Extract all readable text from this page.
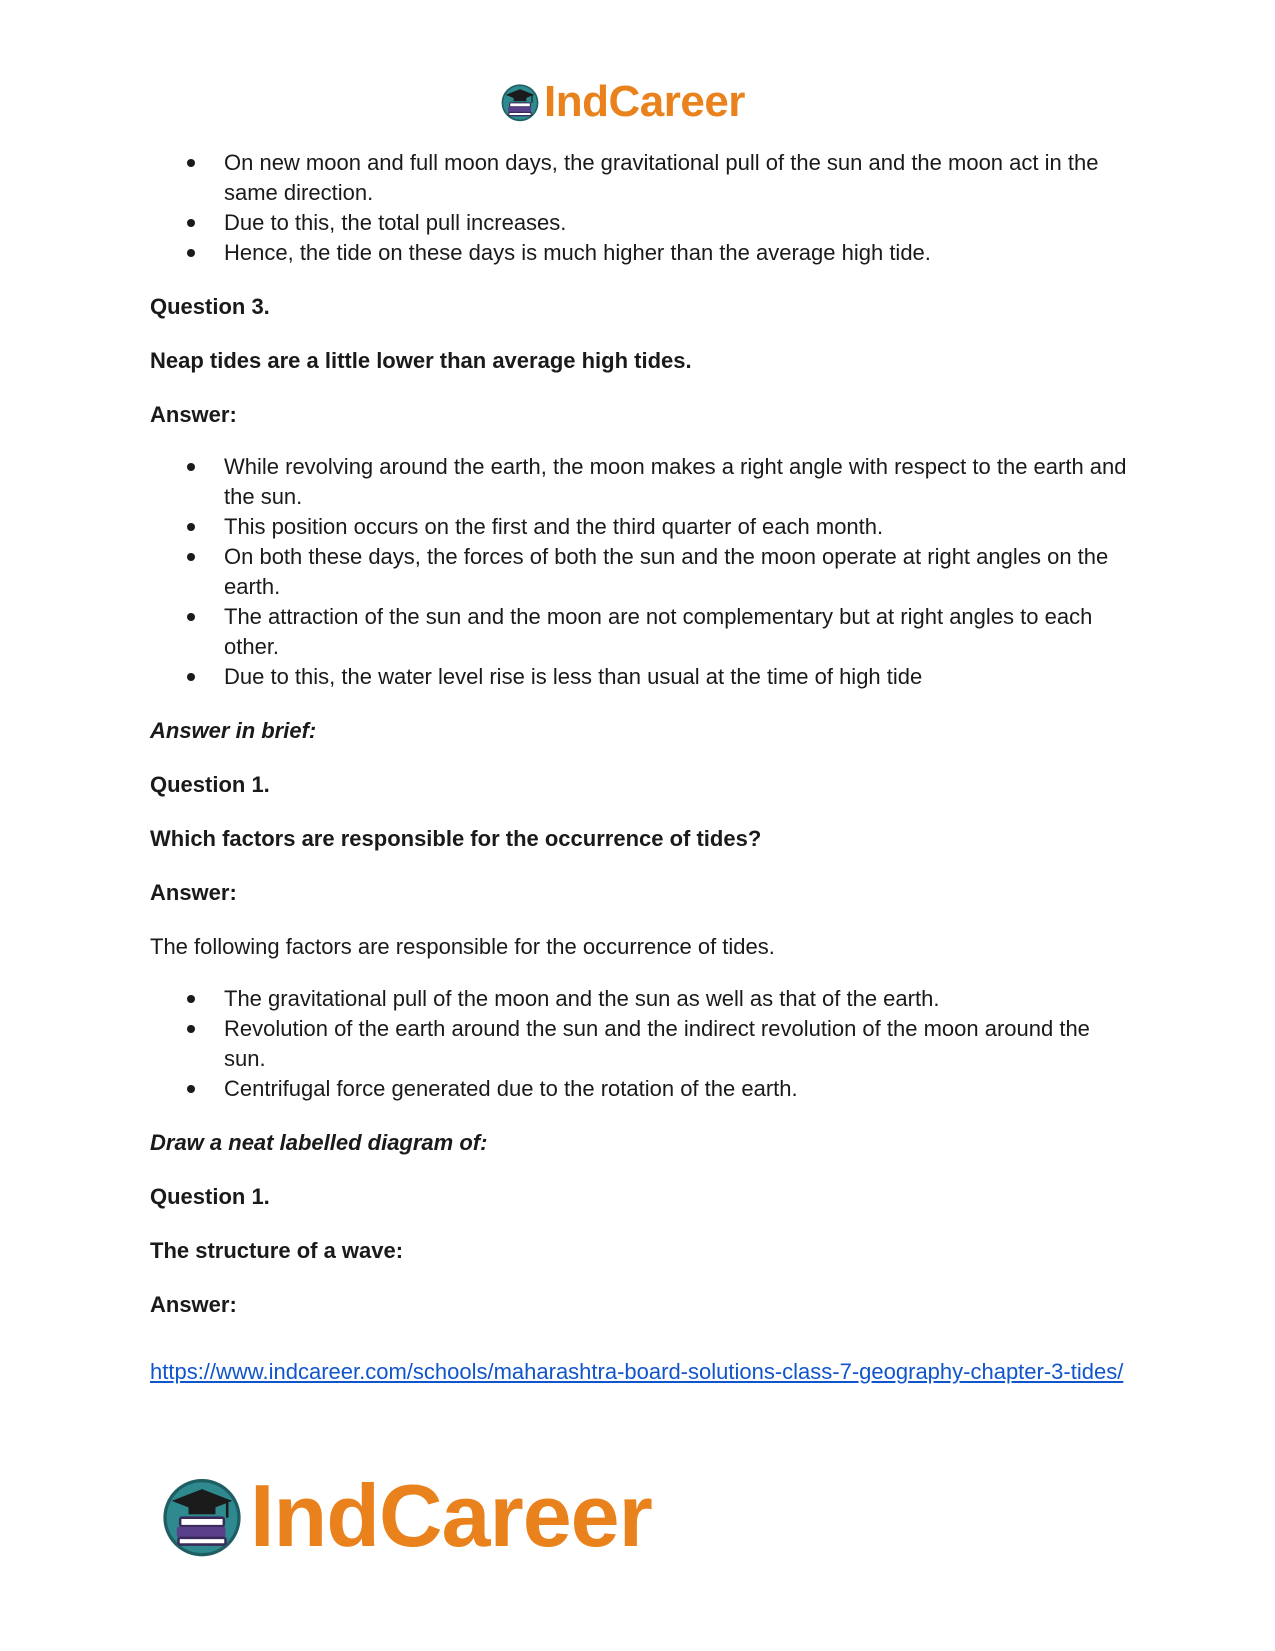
IndCareer
On new moon and full moon days, the gravitational pull of the sun and the moon act in the same direction.
Due to this, the total pull increases.
Hence, the tide on these days is much higher than the average high tide.

Question 3.

Neap tides are a little lower than average high tides.

Answer:

While revolving around the earth, the moon makes a right angle with respect to the earth and the sun.
This position occurs on the first and the third quarter of each month.
On both these days, the forces of both the sun and the moon operate at right angles on the earth.
The attraction of the sun and the moon are not complementary but at right angles to each other.
Due to this, the water level rise is less than usual at the time of high tide

Answer in brief:

Question 1.

Which factors are responsible for the occurrence of tides?

Answer:

The following factors are responsible for the occurrence of tides.

The gravitational pull of the moon and the sun as well as that of the earth.
Revolution of the earth around the sun and the indirect revolution of the moon around the sun.
Centrifugal force generated due to the rotation of the earth.

Draw a neat labelled diagram of:

Question 1.

The structure of a wave:

Answer:

https://www.indcareer.com/schools/maharashtra-board-solutions-class-7-geography-chapter-3-tides/
IndCareer
